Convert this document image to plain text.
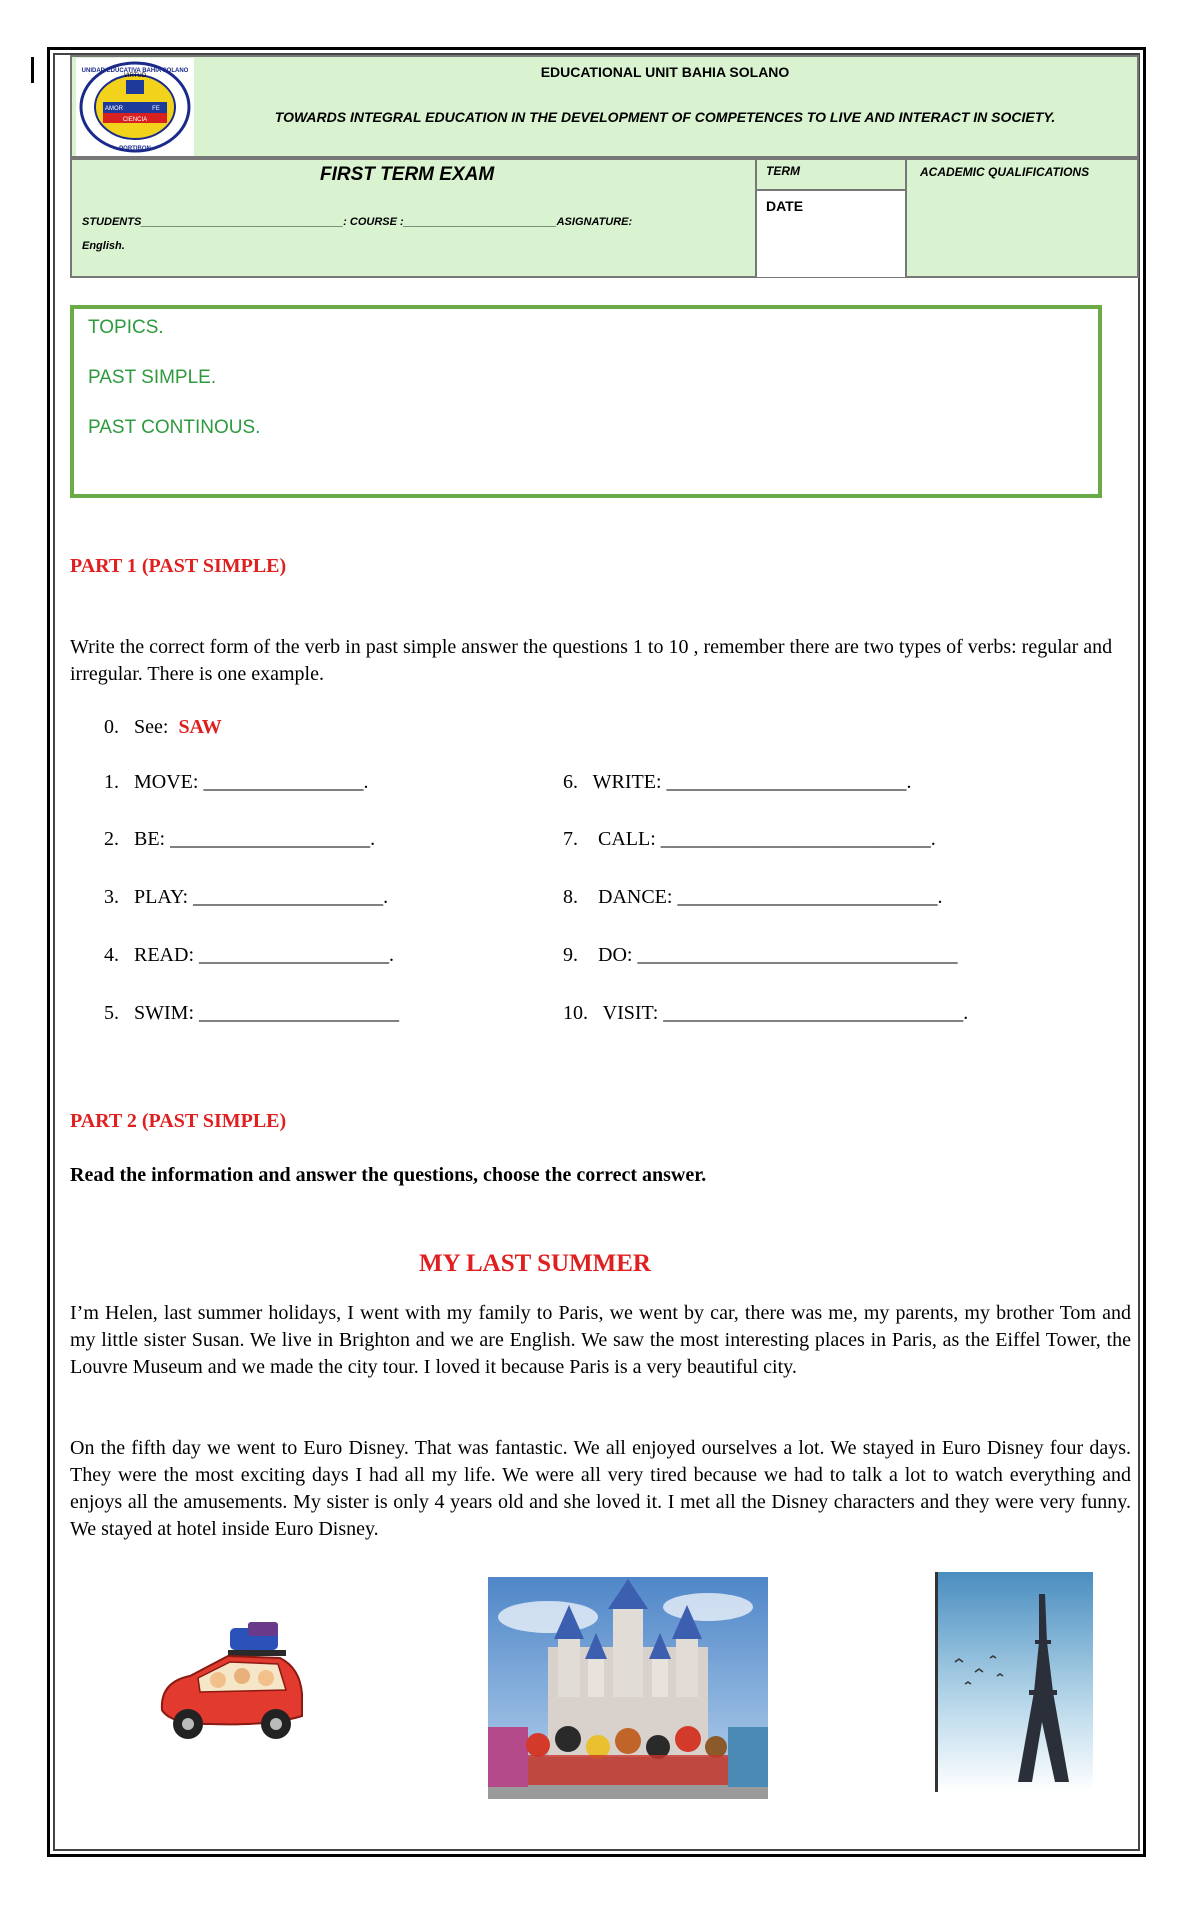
VIRTUD
AMOR	FE
CIENCIA
UNIDAD EDUCATIVA BAHIA SOLANO
PORTIBON
EDUCATIONAL UNIT BAHIA SOLANO
TOWARDS INTEGRAL EDUCATION IN THE DEVELOPMENT OF COMPETENCES TO LIVE AND INTERACT IN SOCIETY.
FIRST TERM EXAM
STUDENTS_________________________________: COURSE :_________________________ASIGNATURE:
English.
TERM
DATE
ACADEMIC QUALIFICATIONS
TOPICS.
PAST SIMPLE.
PAST CONTINOUS.
PART 1 (PAST SIMPLE)
Write the correct form of the verb in past simple answer the questions 1 to 10 , remember there are two types of verbs: regular and irregular. There is one example.
0. See: SAW
1.   MOVE: ________________.
2.   BE: ____________________.
3.   PLAY: ___________________.
4.   READ: ___________________.
5.   SWIM: ____________________
6.   WRITE: ________________________.
7.    CALL: ___________________________.
8.    DANCE: __________________________.
9.    DO: ________________________________
10.   VISIT: ______________________________.
PART 2 (PAST SIMPLE)
Read the information and answer the questions, choose the correct answer.
MY LAST SUMMER
I’m Helen, last summer holidays, I went with my family to Paris, we went by car, there was me, my parents, my brother Tom and my little sister Susan. We live in Brighton and we are English. We saw the most interesting places in Paris, as the Eiffel Tower, the Louvre Museum and we made the city tour. I loved it because Paris is a very beautiful city.
On the fifth day we went to Euro Disney. That was fantastic. We all enjoyed ourselves a lot. We stayed in Euro Disney four days. They were the most exciting days I had all my life. We were all very tired because we had to talk a lot to watch everything and enjoys all the amusements. My sister is only 4 years old and she loved it. I met all the Disney characters and they were very funny. We stayed at hotel inside Euro Disney.
